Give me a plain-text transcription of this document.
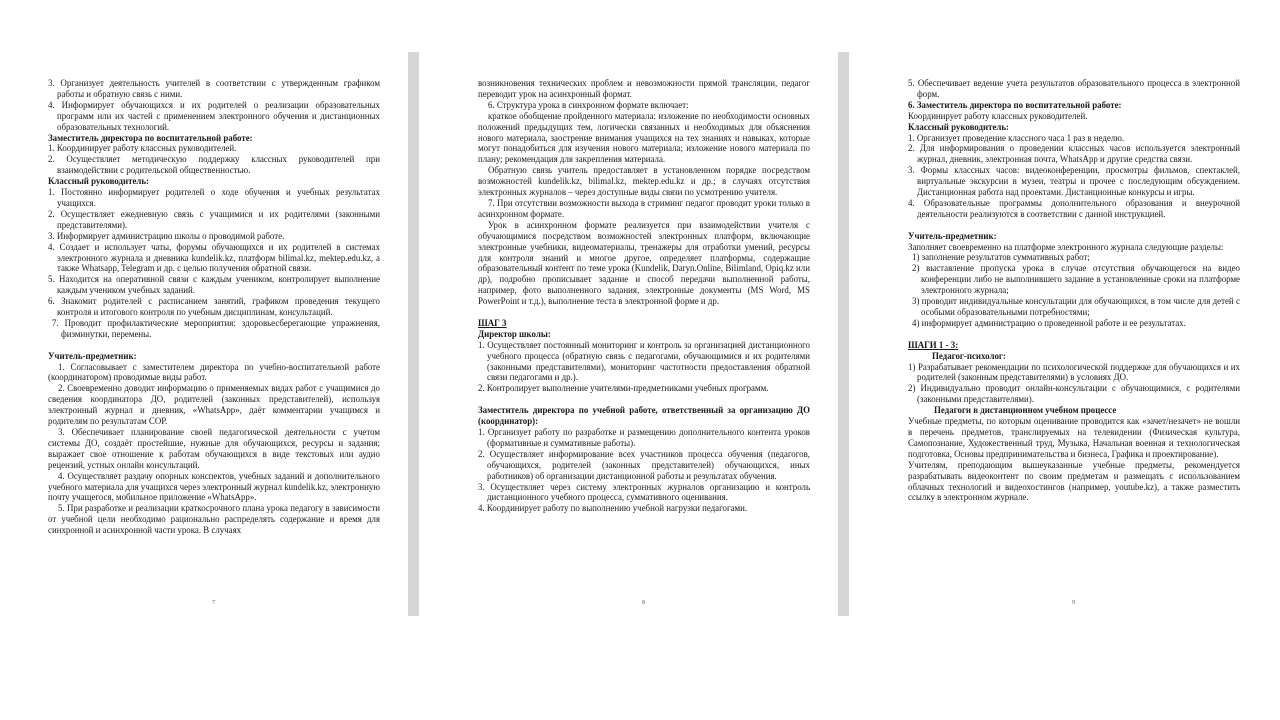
3. Организует деятельность учителей в соответствии с утвержденным графиком работы и обратную связь с ними.

4. Информирует обучающихся и их родителей о реализации образовательных программ или их частей с применением электронного обучения и дистанционных образовательных технологий.

Заместитель директора по воспитательной работе:

1. Координирует работу классных руководителей.

2. Осуществляет методическую поддержку классных руководителей при взаимодействии с родительской общественностью.

Классный руководитель:

1. Постоянно информирует родителей о ходе обучения и учебных результатах учащихся.

2. Осуществляет ежедневную связь с учащимися и их родителями (законными представителями).

3. Информирует администрацию школы о проводимой работе.

4. Создает и использует чаты, форумы обучающихся и их родителей в системах электронного журнала и дневника kundelik.kz, платформ bilimal.kz, mektep.edu.kz, а также Whatsapp, Telegram и др. с целью получения обратной связи.

5. Находится на оперативной связи с каждым учеником, контролирует выполнение каждым учеником учебных заданий.

6. Знакомит родителей с расписанием занятий, графиком проведения текущего контроля и итогового контроля по учебным дисциплинам, консультаций.

7. Проводит профилактические мероприятия: здоровьесберегающие упражнения, физминутки, перемены.

Учитель-предметник:

1. Согласовывает с заместителем директора по учебно-воспитательной работе (координатором) проводимые виды работ.

2. Своевременно доводит информацию о применяемых видах работ с учащимися до сведения координатора ДО, родителей (законных представителей), используя электронный журнал и дневник, «WhatsApp», даёт комментарии учащимся и родителям по результатам СОР.

3. Обеспечивает планирование своей педагогической деятельности с учетом системы ДО, создаёт простейшие, нужные для обучающихся, ресурсы и задания; выражает свое отношение к работам обучающихся в виде текстовых или аудио рецензий, устных онлайн консультаций.

4. Осуществляет раздачу опорных конспектов, учебных заданий и дополнительного учебного материала для учащихся через электронный журнал kundelik.kz, электронную почту учащегося, мобильное приложение «WhatsApp».

5. При разработке и реализации краткосрочного плана урока педагогу в зависимости от учебной цели необходимо рационально распределять содержание и время для синхронной и асинхронной части урока. В случаях

7

возникновения технических проблем и невозможности прямой трансляции, педагог переводит урок на асинхронный формат.

6. Структура урока в синхронном формате включает:

краткое обобщение пройденного материала: изложение по необходимости основных положений предыдущих тем, логически связанных и необходимых для объяснения нового материала, заострение внимания учащихся на тех знаниях и навыках, которые могут понадобиться для изучения нового материала; изложение нового материала по плану; рекомендация для закрепления материала.

Обратную связь учитель предоставляет в установленном порядке посредством возможностей kundelik.kz, bilimal.kz, mektep.edu.kz и др.; в случаях отсутствия электронных журналов – через доступные виды связи по усмотрению учителя.

7. При отсутствии возможности выхода в стриминг педагог проводит уроки только в асинхронном формате.

Урок в асинхронном формате реализуется при взаимодействии учителя с обучающимися посредством возможностей электронных платформ, включающие электронные учебники, видеоматериалы, тренажеры для отработки умений, ресурсы для контроля знаний и многое другое, определяет платформы, содержащие образовательный контент по теме урока (Kundelik, Daryn.Online, Bilimland, Opiq.kz или др), подробно прописывает задание и способ передачи выполненной работы, например, фото выполненного задания, электронные документы (MS Word, MS PowerPoint и т.д.), выполнение теста в электронной форме и др.

ШАГ 3

Директор школы:

1. Осуществляет постоянный мониторинг и контроль за организацией дистанционного учебного процесса (обратную связь с педагогами, обучающимися и их родителями (законными представителями), мониторинг частотности предоставления обратной связи педагогами и др.).

2. Контролирует выполнение учителями-предметниками учебных программ.

Заместитель директора по учебной работе, ответственный за организацию ДО (координатор):

1. Организует работу по разработке и размещению дополнительного контента уроков (формативные и суммативные работы).

2. Осуществляет информирование всех участников процесса обучения (педагогов, обучающихся, родителей (законных представителей) обучающихся, иных работников) об организации дистанционной работы и результатах обучения.

3. Осуществляет через систему электронных журналов организацию и контроль дистанционного учебного процесса, суммативного оценивания.

4. Координирует работу по выполнению учебной нагрузки педагогами.

8

5. Обеспечивает ведение учета результатов образовательного процесса в электронной форм.

6. Заместитель директора по воспитательной работе:

Координирует работу классных руководителей.

Классный руководитель:

1. Организует проведение классного часа 1 раз в неделю.

2. Для информирования о проведении классных часов используется электронный журнал, дневник, электронная почта, WhatsApp и другие средства связи.

3. Формы классных часов: видеоконференции, просмотры фильмов, спектаклей, виртуальные экскурсии в музеи, театры и прочее с последующим обсуждением. Дистанционная работа над проектами. Дистанционные конкурсы и игры.

4. Образовательные программы дополнительного образования и внеурочной деятельности реализуются в соответствии с данной инструкцией.

Учитель-предметник:

Заполняет своевременно на платформе электронного журнала следующие разделы:

1) заполнение результатов суммативных работ;

2) выставление пропуска урока в случае отсутствия обучающегося на видео конференции либо не выполнившего задание в установленные сроки на платформе электронного журнала;

3) проводит индивидуальные консультации для обучающихся, в том числе для детей с особыми образовательными потребностями;

4) информирует администрацию о проведенной работе и ее результатах.

ШАГИ 1 - 3:

Педагог-психолог:

1) Разрабатывает рекомендации по психологической поддержке для обучающихся и их родителей (законным представителями) в условиях ДО.

2) Индивидуально проводит онлайн-консультации с обучающимися, с родителями (законными представителями).

Педагоги в дистанционном учебном процессе

Учебные предметы, по которым оценивание проводится как «зачет/незачет» не вошли в перечень предметов, транслируемых на телевидении (Физическая культура, Самопознание, Художественный труд, Музыка, Начальная военная и технологическая подготовка, Основы предпринимательства и бизнеса, Графика и проектирование).

Учителям, преподающим вышеуказанные учебные предметы, рекомендуется разрабатывать видеоконтент по своим предметам и размещать с использованием облачных технологий и видеохостингов (например, youtube.kz), а также разместить ссылку в электронном журнале.

9
